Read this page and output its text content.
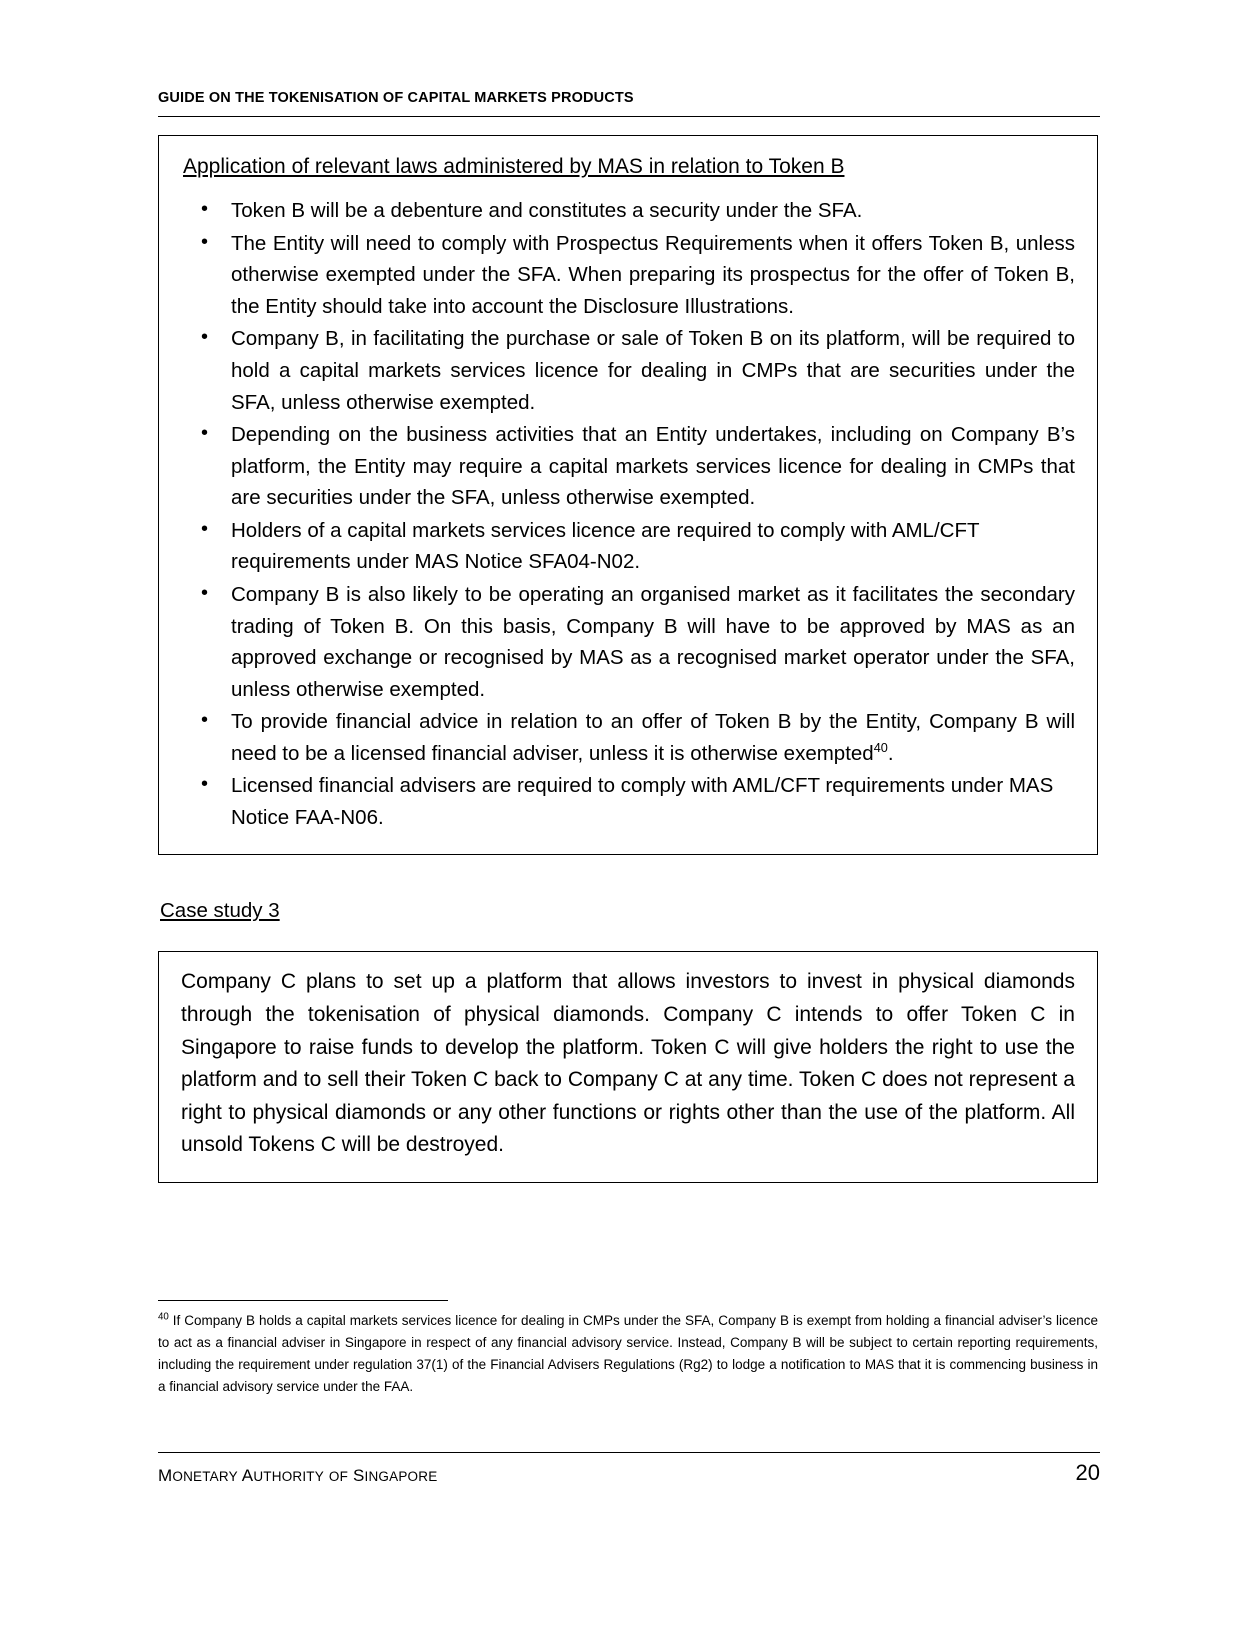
GUIDE ON THE TOKENISATION OF CAPITAL MARKETS PRODUCTS
Application of relevant laws administered by MAS in relation to Token B
• Token B will be a debenture and constitutes a security under the SFA.
• The Entity will need to comply with Prospectus Requirements when it offers Token B, unless otherwise exempted under the SFA. When preparing its prospectus for the offer of Token B, the Entity should take into account the Disclosure Illustrations.
• Company B, in facilitating the purchase or sale of Token B on its platform, will be required to hold a capital markets services licence for dealing in CMPs that are securities under the SFA, unless otherwise exempted.
• Depending on the business activities that an Entity undertakes, including on Company B’s platform, the Entity may require a capital markets services licence for dealing in CMPs that are securities under the SFA, unless otherwise exempted.
• Holders of a capital markets services licence are required to comply with AML/CFT requirements under MAS Notice SFA04-N02.
• Company B is also likely to be operating an organised market as it facilitates the secondary trading of Token B. On this basis, Company B will have to be approved by MAS as an approved exchange or recognised by MAS as a recognised market operator under the SFA, unless otherwise exempted.
• To provide financial advice in relation to an offer of Token B by the Entity, Company B will need to be a licensed financial adviser, unless it is otherwise exempted$^{40}$.
• Licensed financial advisers are required to comply with AML/CFT requirements under MAS Notice FAA-N06.
Case study 3

Company C plans to set up a platform that allows investors to invest in physical diamonds through the tokenisation of physical diamonds. Company C intends to offer Token C in Singapore to raise funds to develop the platform. Token C will give holders the right to use the platform and to sell their Token C back to Company C at any time. Token C does not represent a right to physical diamonds or any other functions or rights other than the use of the platform. All unsold Tokens C will be destroyed.

$^{40}$ If Company B holds a capital markets services licence for dealing in CMPs under the SFA, Company B is exempt from holding a financial adviser’s licence to act as a financial adviser in Singapore in respect of any financial advisory service. Instead, Company B will be subject to certain reporting requirements, including the requirement under regulation 37(1) of the Financial Advisers Regulations (Rg2) to lodge a notification to MAS that it is commencing business in a financial advisory service under the FAA.
MONETARY AUTHORITY OF SINGAPORE	20
